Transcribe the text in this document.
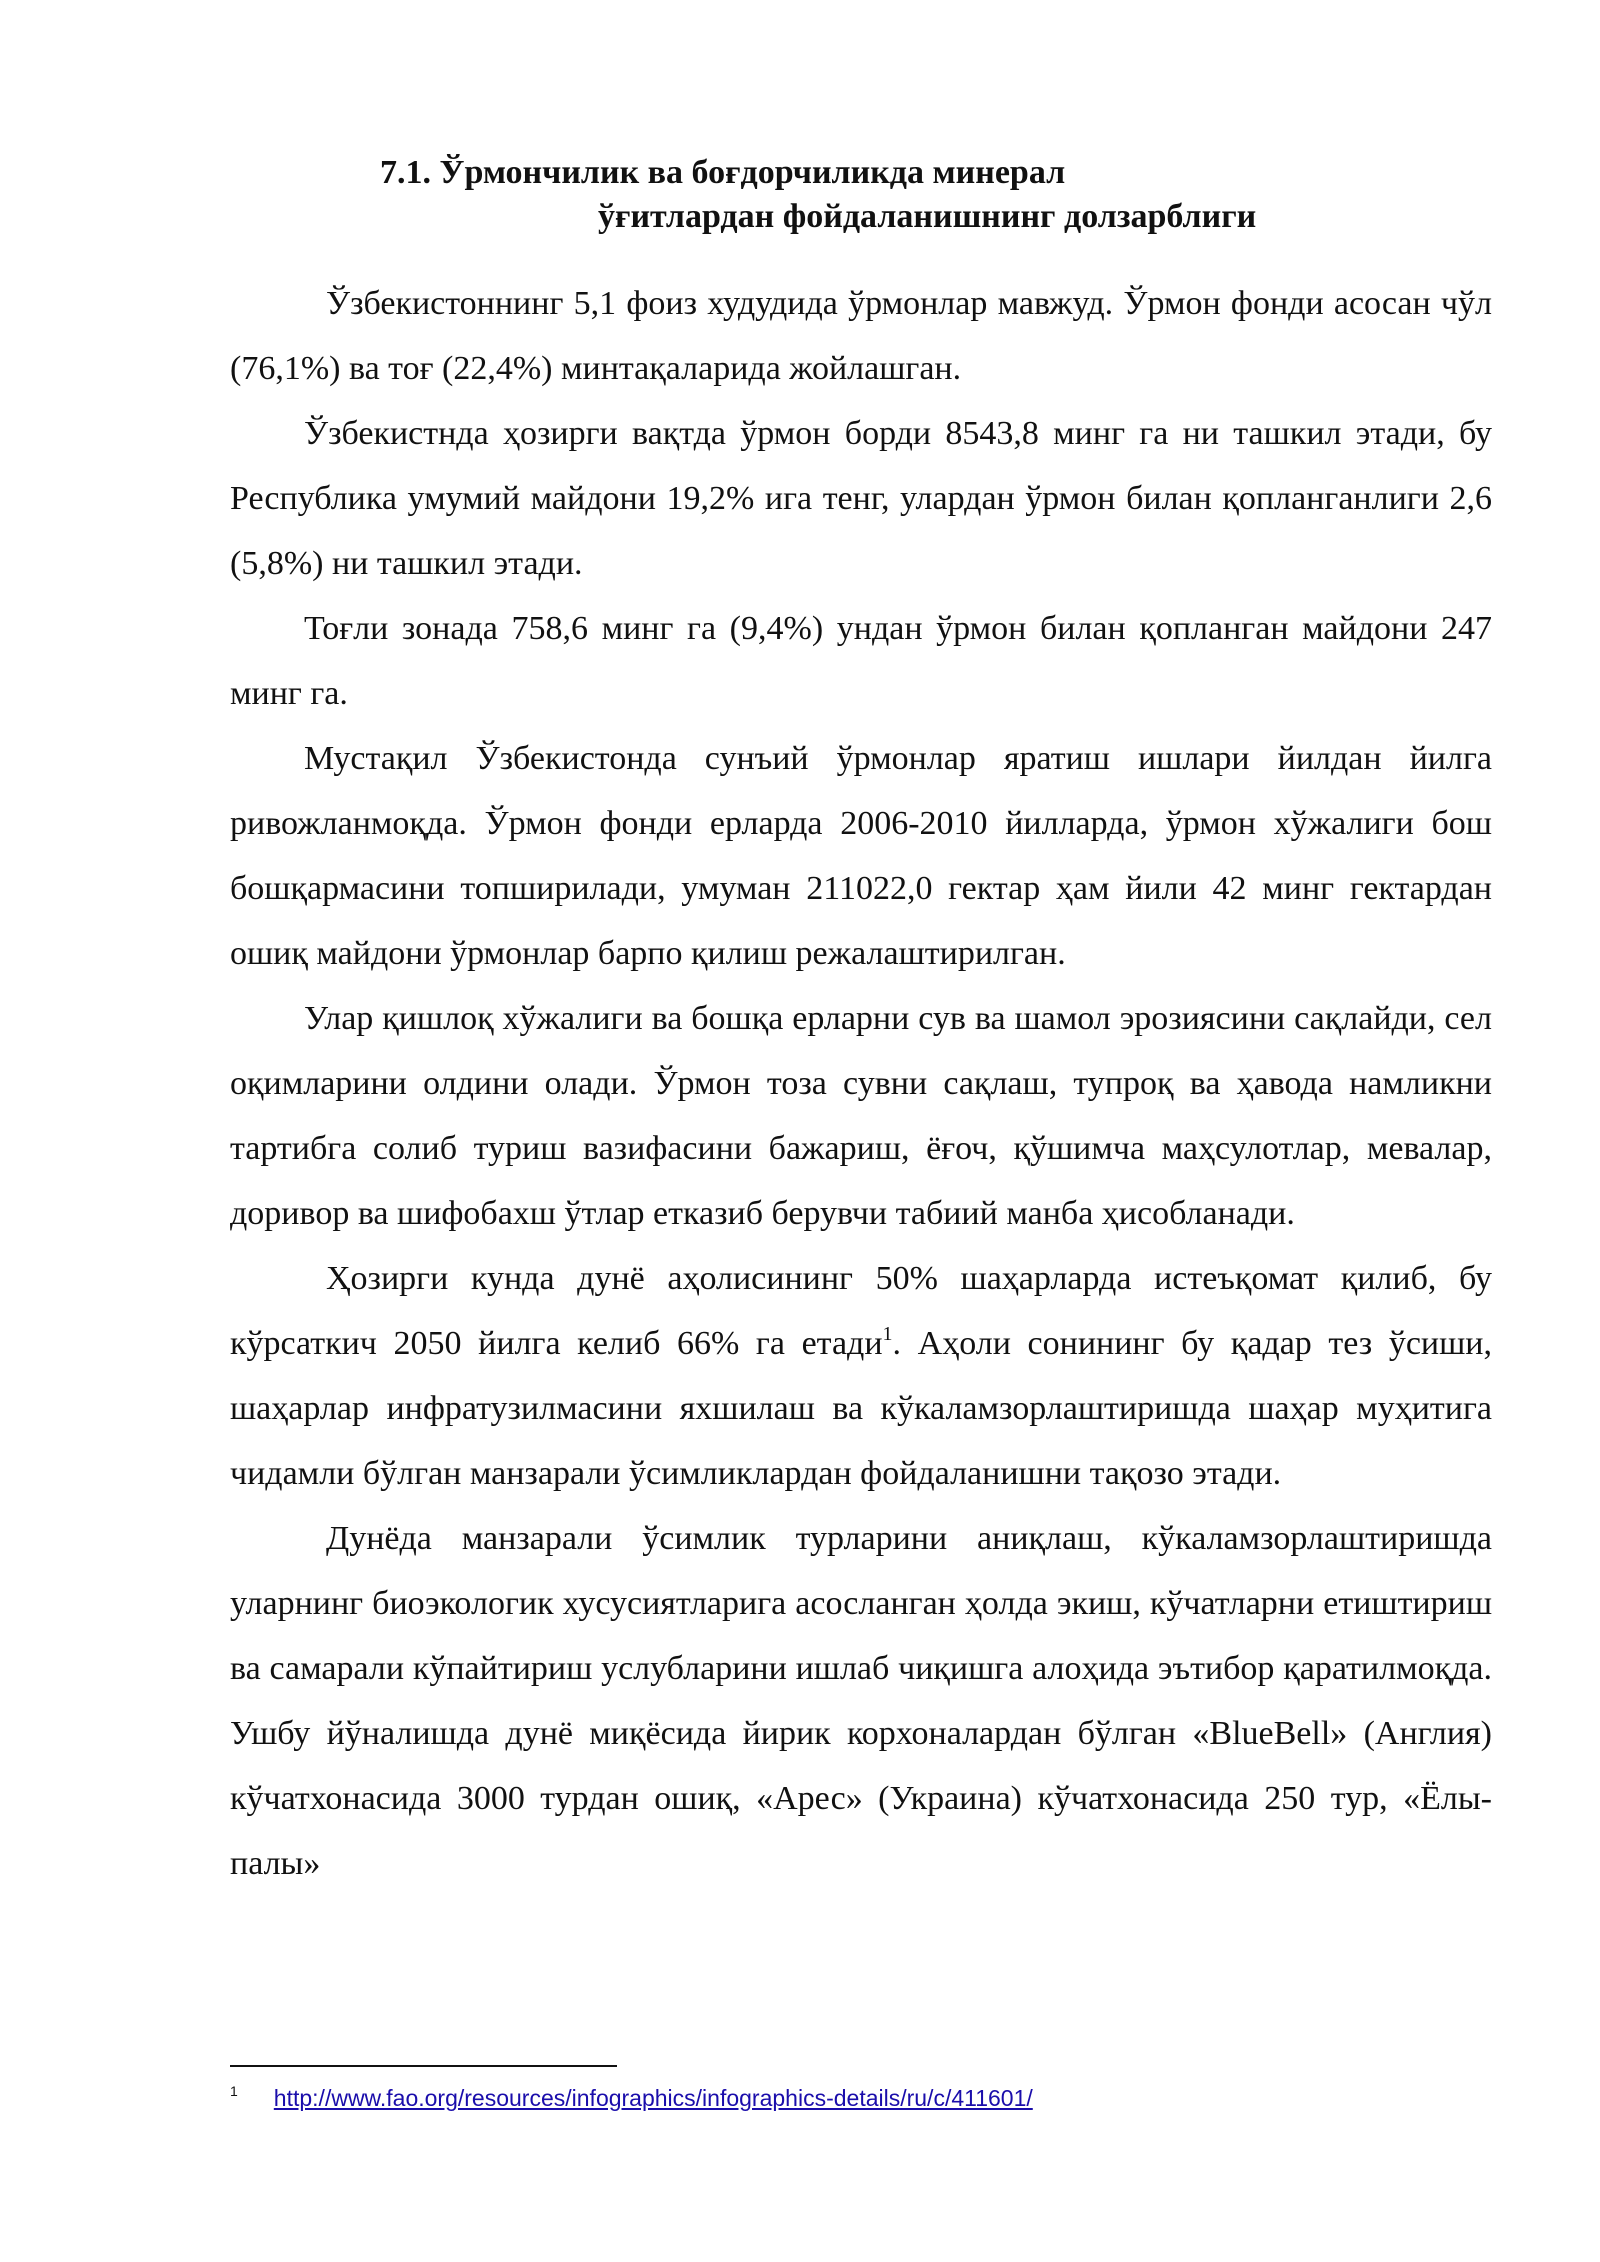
7.1. Ўрмончилик ва боғдорчиликда минерал
ўғитлардан фойдаланишнинг долзарблиги

Ўзбекистоннинг 5,1 фоиз худудида ўрмонлар мавжуд. Ўрмон фонди асосан чўл (76,1%) ва тоғ (22,4%) минтақаларида жойлашган.

Ўзбекистнда ҳозирги вақтда ўрмон борди 8543,8 минг га ни ташкил этади, бу Республика умумий майдони 19,2% ига тенг, улардан ўрмон билан қопланганлиги 2,6 (5,8%) ни ташкил этади.

Тоғли зонада 758,6 минг га (9,4%) ундан ўрмон билан қопланган майдони 247 минг га.

Мустақил Ўзбекистонда сунъий ўрмонлар яратиш ишлари йилдан йилга ривожланмоқда. Ўрмон фонди ерларда 2006-2010 йилларда, ўрмон хўжалиги бош бошқармасини топширилади, умуман 211022,0 гектар ҳам йили 42 минг гектардан ошиқ майдони ўрмонлар барпо қилиш режалаштирилган.

Улар қишлоқ хўжалиги ва бошқа ерларни сув ва шамол эрозиясини сақлайди, сел оқимларини олдини олади. Ўрмон тоза сувни сақлаш, тупроқ ва ҳавода намликни тартибга солиб туриш вазифасини бажариш, ёғоч, қўшимча маҳсулотлар, мевалар, доривор ва шифобахш ўтлар етказиб берувчи табиий манба ҳисобланади.

Ҳозирги кунда дунё аҳолисининг 50% шаҳарларда истеъқомат қилиб, бу кўрсаткич 2050 йилга келиб 66% га етади$^1$. Аҳоли сонининг бу қадар тез ўсиши, шаҳарлар инфратузилмасини яхшилаш ва кўкаламзорлаштиришда шаҳар муҳитига чидамли бўлган манзарали ўсимликлардан фойдаланишни тақозо этади.

Дунёда манзарали ўсимлик турларини аниқлаш, кўкаламзорлаштиришда уларнинг биоэкологик хусусиятларига асосланган ҳолда экиш, кўчатларни етиштириш ва самарали кўпайтириш услубларини ишлаб чиқишга алоҳида эътибор қаратилмоқда. Ушбу йўналишда дунё миқёсида йирик корхоналардан бўлган «BlueBell» (Англия) кўчатхонасида 3000 турдан ошиқ, «Арес» (Украина) кўчатхонасида 250 тур, «Ёлы-палы»

$^1$ http://www.fao.org/resources/infographics/infographics-details/ru/c/411601/
